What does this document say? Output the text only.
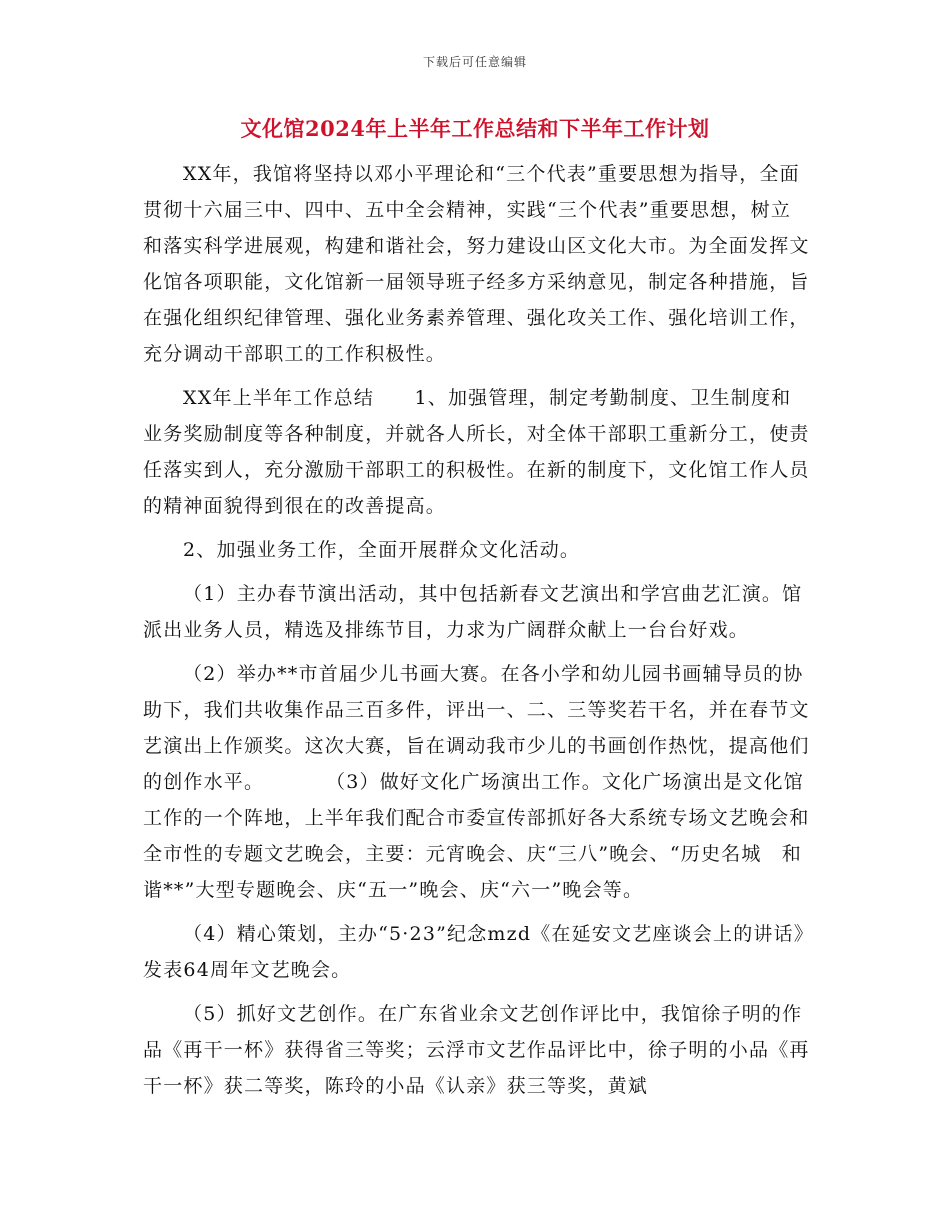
下载后可任意编辑
文化馆2024年上半年工作总结和下半年工作计划

XX年，我馆将坚持以邓小平理论和“三个代表”重要思想为指导，全面贯彻十六届三中、四中、五中全会精神，实践“三个代表”重要思想，树立和落实科学进展观，构建和谐社会，努力建设山区文化大市。为全面发挥文化馆各项职能，文化馆新一届领导班子经多方采纳意见，制定各种措施，旨在强化组织纪律管理、强化业务素养管理、强化攻关工作、强化培训工作，充分调动干部职工的工作积极性。

XX年上半年工作总结　　1、加强管理，制定考勤制度、卫生制度和业务奖励制度等各种制度，并就各人所长，对全体干部职工重新分工，使责任落实到人，充分激励干部职工的积极性。在新的制度下，文化馆工作人员的精神面貌得到很在的改善提高。

2、加强业务工作，全面开展群众文化活动。

（1）主办春节演出活动，其中包括新春文艺演出和学宫曲艺汇演。馆派出业务人员，精选及排练节目，力求为广阔群众献上一台台好戏。

（2）举办**市首届少儿书画大赛。在各小学和幼儿园书画辅导员的协助下，我们共收集作品三百多件，评出一、二、三等奖若干名，并在春节文艺演出上作颁奖。这次大赛，旨在调动我市少儿的书画创作热忱，提高他们的创作水平。　　　　（3）做好文化广场演出工作。文化广场演出是文化馆工作的一个阵地，上半年我们配合市委宣传部抓好各大系统专场文艺晚会和全市性的专题文艺晚会，主要：元宵晚会、庆“三八”晚会、“历史名城　和谐**”大型专题晚会、庆“五一”晚会、庆“六一”晚会等。

（4）精心策划，主办“5·23”纪念mzd《在延安文艺座谈会上的讲话》发表64周年文艺晚会。

（5）抓好文艺创作。在广东省业余文艺创作评比中，我馆徐子明的作品《再干一杯》获得省三等奖；云浮市文艺作品评比中，徐子明的小品《再干一杯》获二等奖，陈玲的小品《认亲》获三等奖，黄斌
